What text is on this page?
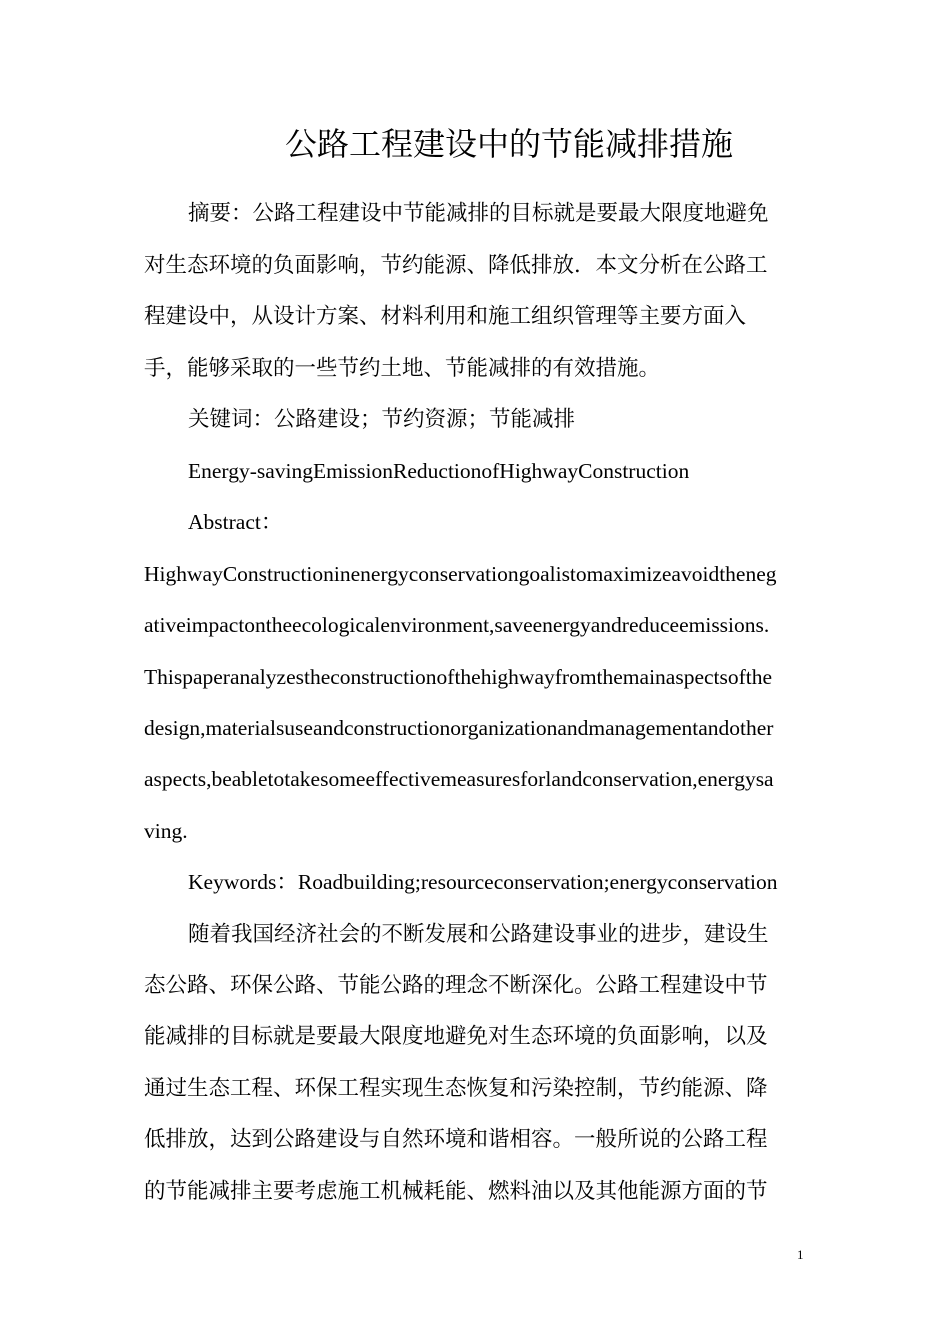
公路工程建设中的节能减排措施
摘要：公路工程建设中节能减排的目标就是要最大限度地避免
对生态环境的负面影响，节约能源、降低排放．本文分析在公路工
程建设中，从设计方案、材料利用和施工组织管理等主要方面入
手，能够采取的一些节约土地、节能减排的有效措施。
关键词：公路建设；节约资源；节能减排
Energy-savingEmissionReductionofHighwayConstruction
Abstract：
HighwayConstructioninenergyconservationgoalistomaximizeavoidtheneg
ativeimpactontheecologicalenvironment,saveenergyandreduceemissions.
Thispaperanalyzestheconstructionofthehighwayfromthemainaspectsofthe
design,materialsuseandconstructionorganizationandmanagementandother
aspects,beabletotakesomeeffectivemeasuresforlandconservation,energysa
ving.
Keywords：Roadbuilding;resourceconservation;energyconservation
随着我国经济社会的不断发展和公路建设事业的进步，建设生
态公路、环保公路、节能公路的理念不断深化。公路工程建设中节
能减排的目标就是要最大限度地避免对生态环境的负面影响，以及
通过生态工程、环保工程实现生态恢复和污染控制，节约能源、降
低排放，达到公路建设与自然环境和谐相容。一般所说的公路工程
的节能减排主要考虑施工机械耗能、燃料油以及其他能源方面的节
1
